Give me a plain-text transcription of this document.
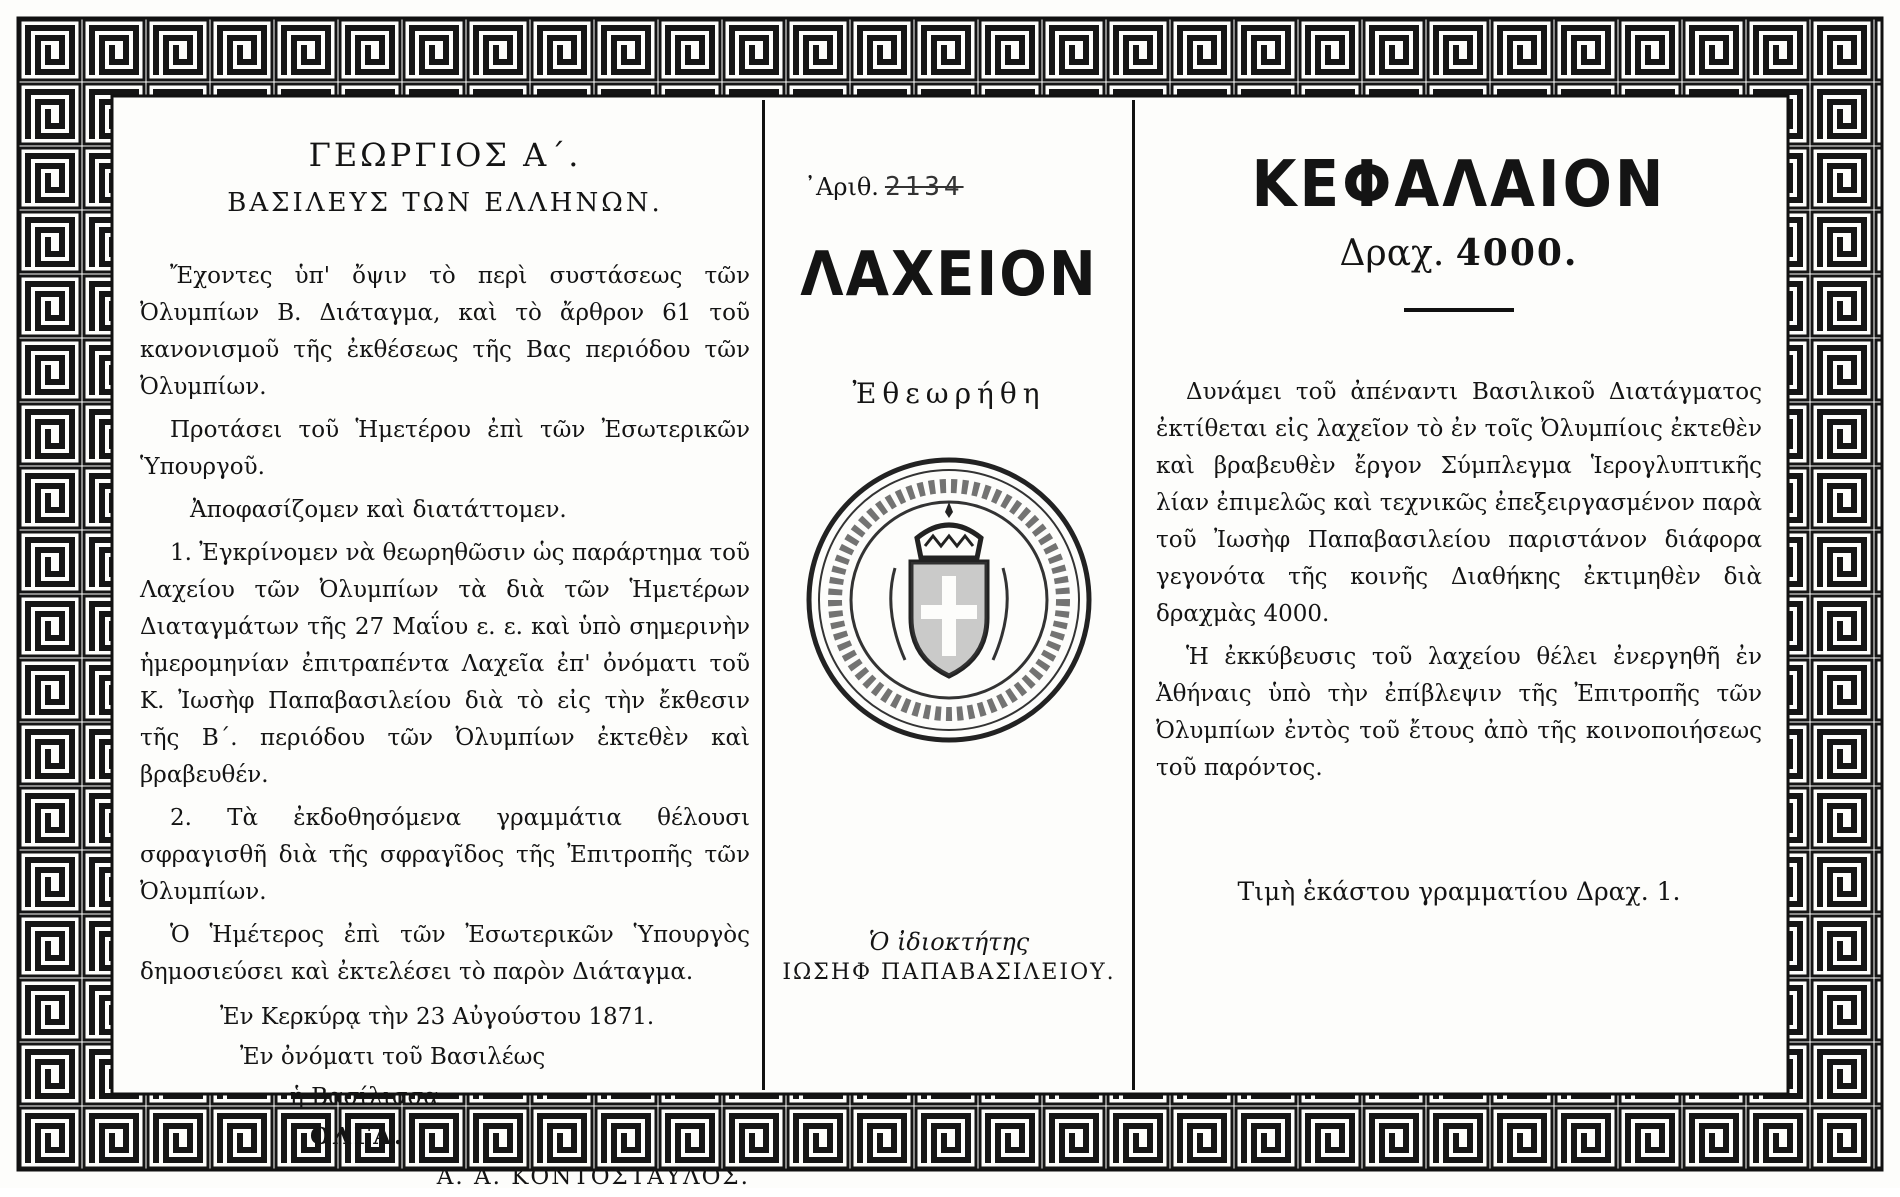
ΓΕΩΡΓΙΟΣ Α΄.
ΒΑΣΙΛΕΥΣ ΤΩΝ ΕΛΛΗΝΩΝ.

Ἔχοντες ὑπ' ὄψιν τὸ περὶ συστάσεως τῶν Ὀλυμπίων Β. Διάταγμα, καὶ τὸ ἄρθρον 61 τοῦ κανονισμοῦ τῆς ἐκθέσεως τῆς Βας περιόδου τῶν Ὀλυμπίων.

Προτάσει τοῦ Ἡμετέρου ἐπὶ τῶν Ἐσωτερικῶν Ὑπουργοῦ.

Ἀποφασίζομεν καὶ διατάττομεν.

1. Ἐγκρίνομεν νὰ θεωρηθῶσιν ὡς παράρτημα τοῦ Λαχείου τῶν Ὀλυμπίων τὰ διὰ τῶν Ἡμετέρων Διαταγμάτων τῆς 27 Μαΐου ε. ε. καὶ ὑπὸ σημερινὴν ἡμερομηνίαν ἐπιτραπέντα Λαχεῖα ἐπ' ὀνόματι τοῦ Κ. Ἰωσὴφ Παπαβασιλείου διὰ τὸ εἰς τὴν ἔκθεσιν τῆς Β΄. περιόδου τῶν Ὀλυμπίων ἐκτεθὲν καὶ βραβευθέν.

2. Τὰ ἐκδοθησόμενα γραμμάτια θέλουσι σφραγισθῆ διὰ τῆς σφραγῖδος τῆς Ἐπιτροπῆς τῶν Ὀλυμπίων.

Ὁ Ἡμέτερος ἐπὶ τῶν Ἐσωτερικῶν Ὑπουργὸς δημοσιεύσει καὶ ἐκτελέσει τὸ παρὸν Διάταγμα.

Ἐν Κερκύρᾳ τὴν 23 Αὐγούστου 1871.
Ἐν ὀνόματι τοῦ Βασιλέως
ἡ Βασίλισσα
ΟΛΓΑ.
Α. Α. ΚΟΝΤΟΣΤΑΥΛΟΣ.
᾿Αριθ. 2134
ΛΑΧΕΙΟΝ
Ἐθεωρήθη
Ὁ ἰδιοκτήτης
ΙΩΣΗΦ ΠΑΠΑΒΑΣΙΛΕΙΟΥ.
ΚΕΦΑΛΑΙΟΝ
Δραχ. 4000.

Δυνάμει τοῦ ἀπέναντι Βασιλικοῦ Διατάγματος ἐκτίθεται εἰς λαχεῖον τὸ ἐν τοῖς Ὀλυμπίοις ἐκτεθὲν καὶ βραβευθὲν ἔργον Σύμπλεγμα Ἱερογλυπτικῆς λίαν ἐπιμελῶς καὶ τεχνικῶς ἐπεξειργασμένον παρὰ τοῦ Ἰωσὴφ Παπαβασιλείου παριστάνον διάφορα γεγονότα τῆς κοινῆς Διαθήκης ἐκτιμηθὲν διὰ δραχμὰς 4000.

Ἡ ἐκκύβευσις τοῦ λαχείου θέλει ἐνεργηθῆ ἐν Ἀθήναις ὑπὸ τὴν ἐπίβλεψιν τῆς Ἐπιτροπῆς τῶν Ὀλυμπίων ἐντὸς τοῦ ἔτους ἀπὸ τῆς κοινοποιήσεως τοῦ παρόντος.

Τιμὴ ἑκάστου γραμματίου Δραχ. 1.
